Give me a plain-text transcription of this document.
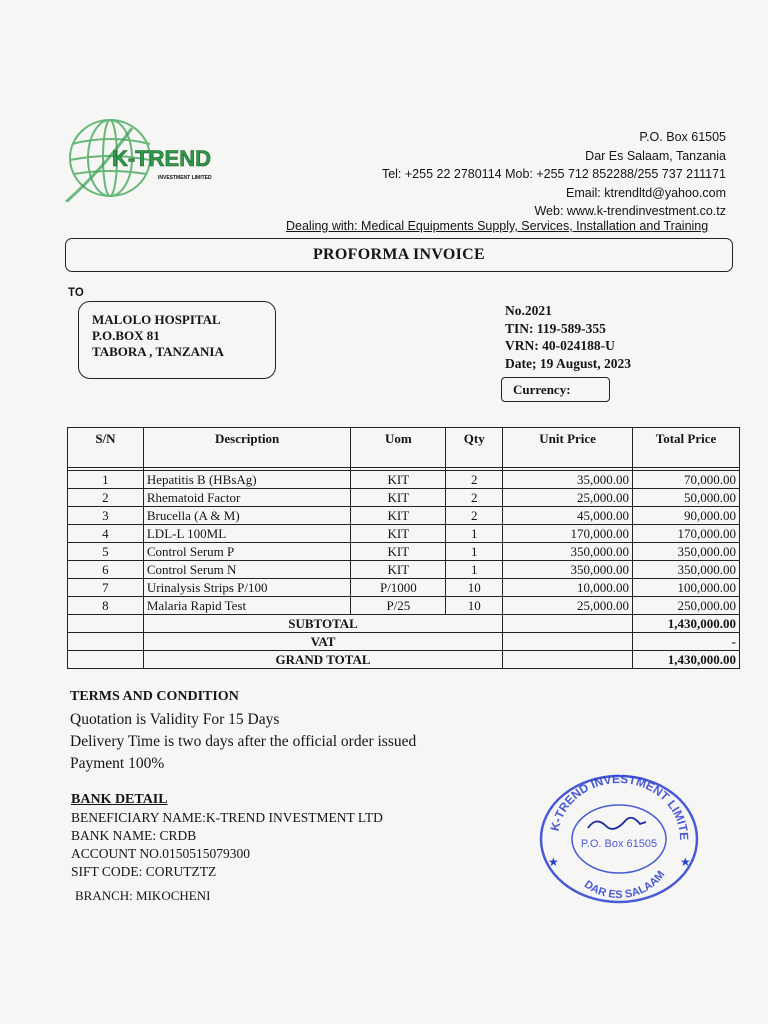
K-TREND
INVESTMENT LIMITED
P.O. Box 61505
Dar Es Salaam, Tanzania
Tel: +255 22 2780114 Mob: +255 712 852288/255 737 211171
Email: ktrendltd@yahoo.com
Web: www.k-trendinvestment.co.tz
Dealing with: Medical Equipments Supply, Services, Installation and Training
PROFORMA INVOICE
TO
MALOLO HOSPITAL
P.O.BOX 81
TABORA , TANZANIA
No.2021
TIN: 119-589-355
VRN: 40-024188-U
Date; 19 August, 2023
Currency:
S/N	Description	Uom	Qty	Unit Price	Total Price

1	Hepatitis B (HBsAg)	KIT	2	35,000.00	70,000.00
2	Rhematoid Factor	KIT	2	25,000.00	50,000.00
3	Brucella (A & M)	KIT	2	45,000.00	90,000.00
4	LDL-L 100ML	KIT	1	170,000.00	170,000.00
5	Control Serum P	KIT	1	350,000.00	350,000.00
6	Control Serum N	KIT	1	350,000.00	350,000.00
7	Urinalysis Strips P/100	P/1000	10	10,000.00	100,000.00
8	Malaria Rapid Test	P/25	10	25,000.00	250,000.00
	SUBTOTAL				1,430,000.00
	VAT				-
	GRAND TOTAL				1,430,000.00
TERMS AND CONDITION
Quotation is Validity For 15 Days
Delivery Time is two days after the official order issued
Payment 100%
BANK DETAIL
BENEFICIARY NAME:K-TREND INVESTMENT LTD
BANK NAME: CRDB
ACCOUNT NO.0150515079300
SIFT CODE: CORUTZTZ
BRANCH: MIKOCHENI
K-TREND INVESTMENT LIMITE
DAR ES SALAAM
P.O. Box 61505
★	★
